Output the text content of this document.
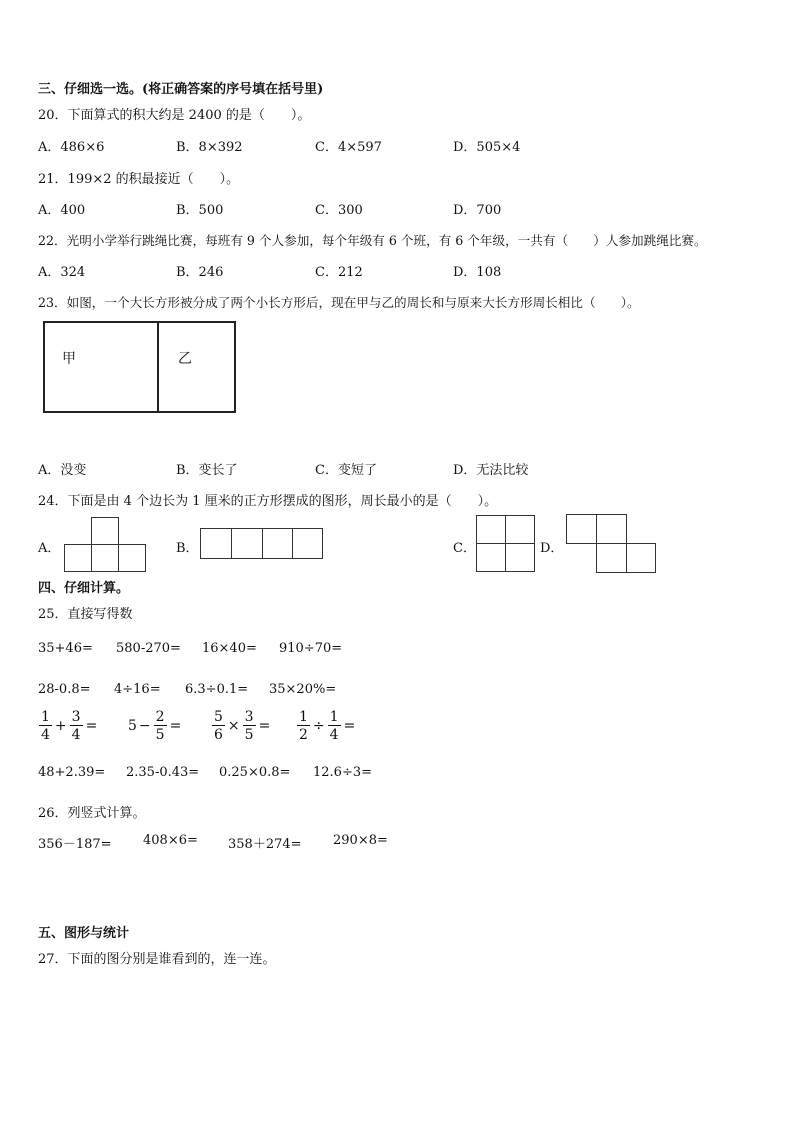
三、仔细选一选。(将正确答案的序号填在括号里)
20．下面算式的积大约是 2400 的是（　　）。
A．486×6	B．8×392	C．4×597	D．505×4
21．199×2 的积最接近（　　）。
A．400	B．500	C．300	D．700
22．光明小学举行跳绳比赛，每班有 9 个人参加，每个年级有 6 个班，有 6 个年级，一共有（　　）人参加跳绳比赛。
A．324	B．246	C．212	D．108
23．如图，一个大长方形被分成了两个小长方形后，现在甲与乙的周长和与原来大长方形周长相比（　　）。
甲	乙
A．没变	B．变长了	C．变短了	D．无法比较
24．下面是由 4 个边长为 1 厘米的正方形摆成的图形，周长最小的是（　　）。
A．	B．	C．	D．
四、仔细计算。
25．直接写得数
35+46= 580-270= 16×40= 910÷70=
28-0.8= 4÷16= 6.3÷0.1= 35×20%=
$\frac{1}{4} + \frac{3}{4} = 5 - \frac{2}{5} = \frac{5}{6} \times \frac{3}{5} = \frac{1}{2} \div \frac{1}{4}$ =
48+2.39= 2.35-0.43= 0.25×0.8= 12.6÷3=
26．列竖式计算。
356－187= 408×6= 358＋274= 290×8=
五、图形与统计
27．下面的图分别是谁看到的，连一连。
